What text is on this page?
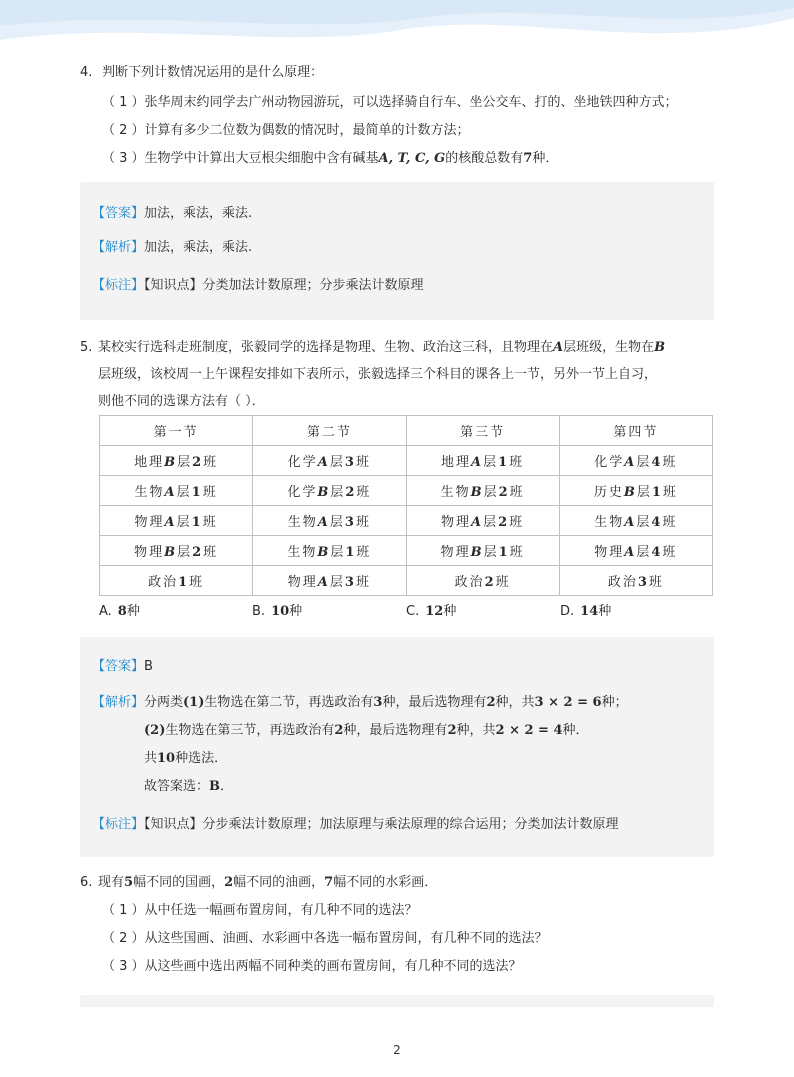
4. 判断下列计数情况运用的是什么原理：

（ 1 ）张华周末约同学去广州动物园游玩，可以选择骑自行车、坐公交车、打的、坐地铁四种方式；
（ 2 ）计算有多少二位数为偶数的情况时，最简单的计数方法；
（ 3 ）生物学中计算出大豆根尖细胞中含有碱基A, T, C, G的核酸总数有7种．
【答案】加法，乘法，乘法.
【解析】加法，乘法，乘法.
【标注】【知识点】分类加法计数原理；分步乘法计数原理

5. 某校实行选科走班制度，张毅同学的选择是物理、生物、政治这三科，且物理在A层班级，生物在B

层班级，该校周一上午课程安排如下表所示，张毅选择三个科目的课各上一节，另外一节上自习，

则他不同的选课方法有（ ）．

第一节	第二节	第三节	第四节
地理B层2班	化学A层3班	地理A层1班	化学A层4班
生物A层1班	化学B层2班	生物B层2班	历史B层1班
物理A层1班	生物A层3班	物理A层2班	生物A层4班
物理B层2班	生物B层1班	物理B层1班	物理A层4班
政治1班	物理A层3班	政治2班	政治3班
A. 8种	B. 10种	C. 12种	D. 14种
【答案】B
【解析】分两类(1)生物选在第二节，再选政治有3种，最后选物理有2种，共3 × 2 = 6种；
(2)生物选在第三节，再选政治有2种，最后选物理有2种，共2 × 2 = 4种．
共10种选法．
故答案选：B．
【标注】【知识点】分步乘法计数原理；加法原理与乘法原理的综合运用；分类加法计数原理

6. 现有5幅不同的国画，2幅不同的油画，7幅不同的水彩画．

（ 1 ）从中任选一幅画布置房间，有几种不同的选法？
（ 2 ）从这些国画、油画、水彩画中各选一幅布置房间，有几种不同的选法？
（ 3 ）从这些画中选出两幅不同种类的画布置房间，有几种不同的选法？
2
